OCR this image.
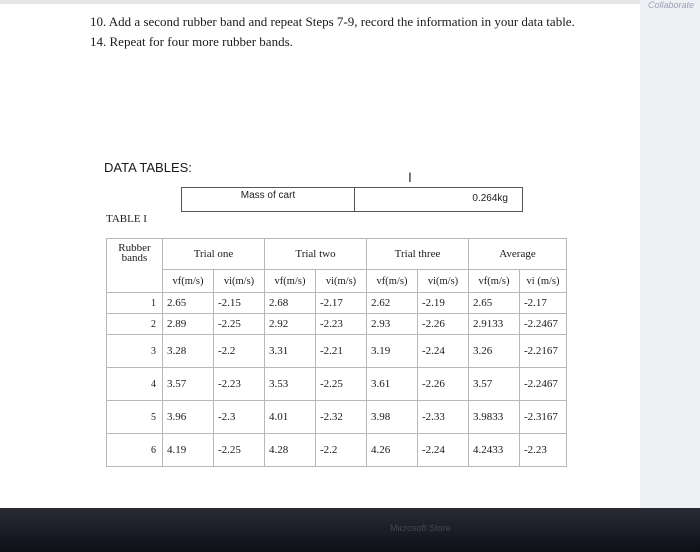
Collaborate
10. Add a second rubber band and repeat Steps 7-9, record the information in your data table.
14. Repeat for four more rubber bands.
DATA TABLES:
I
Mass of cart	0.264kg
TABLE I
Rubber bands	Trial one		Trial two		Trial three		Average	
	vf(m/s)	vi(m/s)	vf(m/s)	vi(m/s)	vf(m/s)	vi(m/s)	vf(m/s)	vi (m/s)
1	2.65	-2.15	2.68	-2.17	2.62	-2.19	2.65	-2.17
2	2.89	-2.25	2.92	-2.23	2.93	-2.26	2.9133	-2.2467
3	3.28	-2.2	3.31	-2.21	3.19	-2.24	3.26	-2.2167
4	3.57	-2.23	3.53	-2.25	3.61	-2.26	3.57	-2.2467
5	3.96	-2.3	4.01	-2.32	3.98	-2.33	3.9833	-2.3167
6	4.19	-2.25	4.28	-2.2	4.26	-2.24	4.2433	-2.23
Microsoft Store
